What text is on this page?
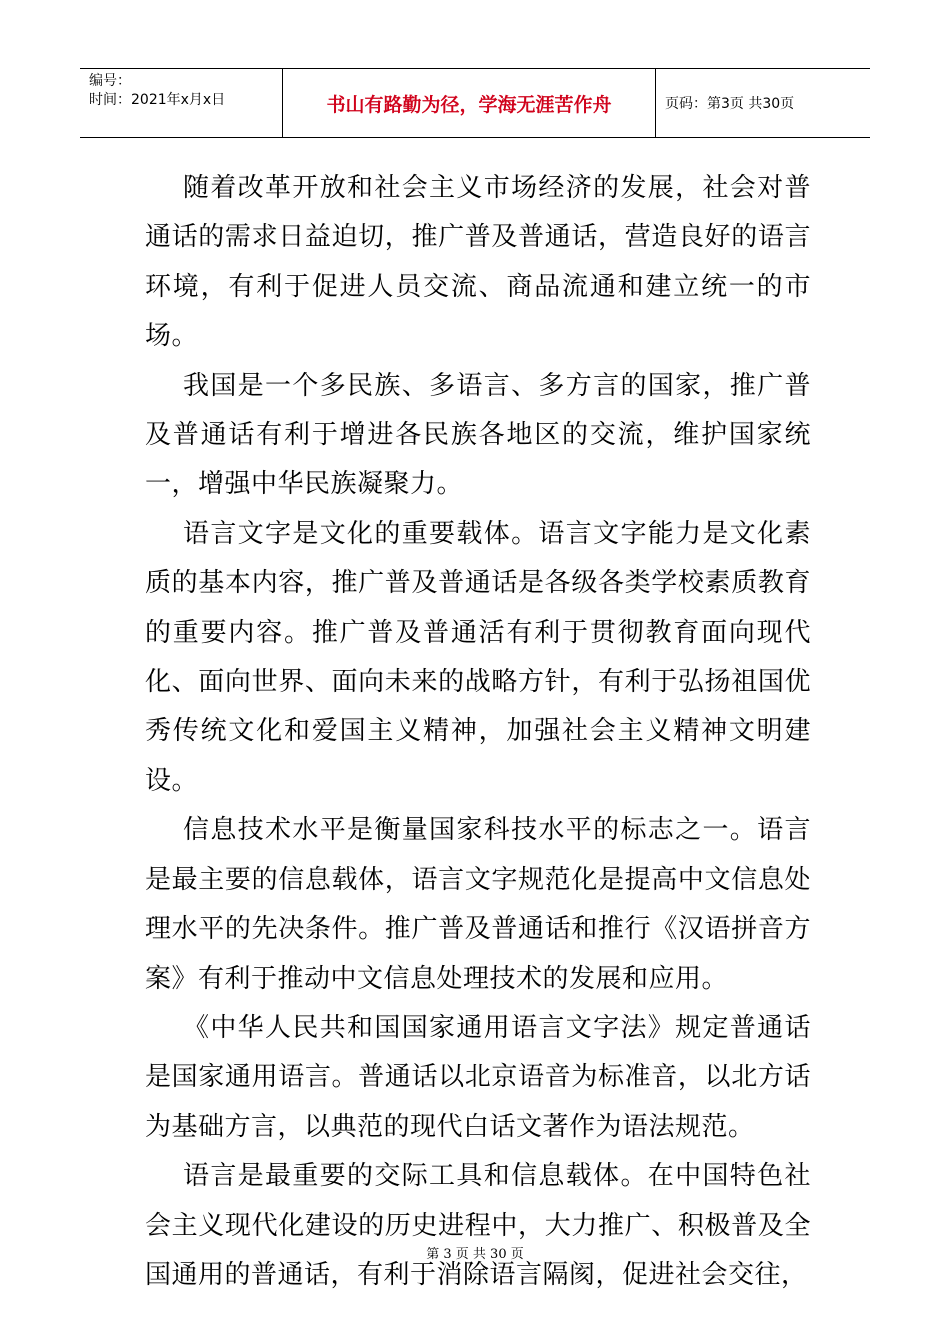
编号：
时间：2021年x月x日	书山有路勤为径，学海无涯苦作舟	页码：第3页 共30页

随着改革开放和社会主义市场经济的发展，社会对普通话的需求日益迫切，推广普及普通话，营造良好的语言环境，有利于促进人员交流、商品流通和建立统一的市场。

我国是一个多民族、多语言、多方言的国家，推广普及普通话有利于增进各民族各地区的交流，维护国家统一，增强中华民族凝聚力。

语言文字是文化的重要载体。语言文字能力是文化素质的基本内容，推广普及普通话是各级各类学校素质教育的重要内容。推广普及普通活有利于贯彻教育面向现代化、面向世界、面向未来的战略方针，有利于弘扬祖国优秀传统文化和爱国主义精神，加强社会主义精神文明建设。

信息技术水平是衡量国家科技水平的标志之一。语言是最主要的信息载体，语言文字规范化是提高中文信息处理水平的先决条件。推广普及普通话和推行《汉语拼音方案》有利于推动中文信息处理技术的发展和应用。

《中华人民共和国国家通用语言文字法》规定普通话是国家通用语言。普通话以北京语音为标准音，以北方话为基础方言，以典范的现代白话文著作为语法规范。

语言是最重要的交际工具和信息载体。在中国特色社会主义现代化建设的历史进程中，大力推广、积极普及全国通用的普通话，有利于消除语言隔阂，促进社会交往，

第 3 页 共 30 页
